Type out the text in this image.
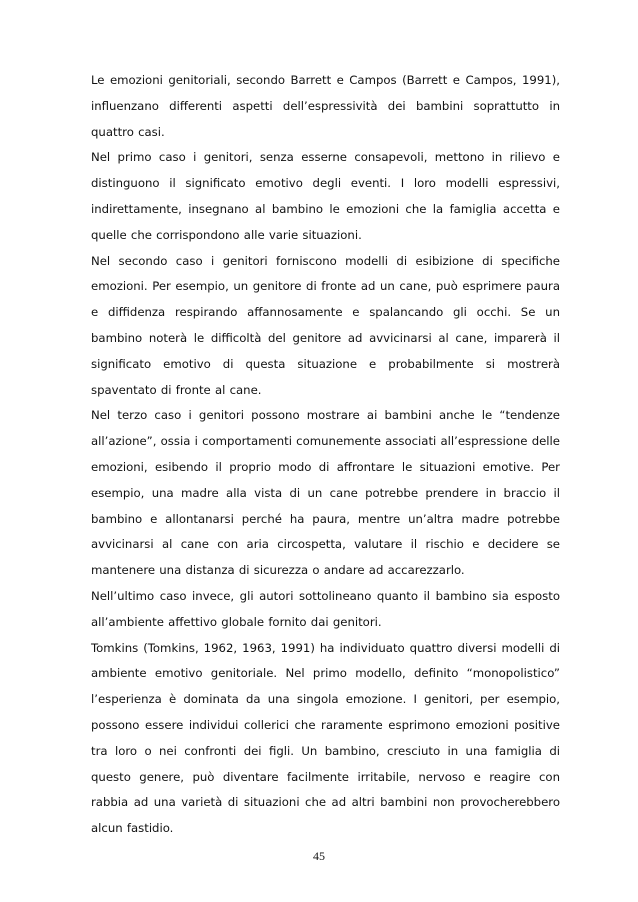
Le emozioni genitoriali, secondo Barrett e Campos (Barrett e Campos, 1991), influenzano differenti aspetti dell’espressività dei bambini soprattutto in quattro casi.

Nel primo caso i genitori, senza esserne consapevoli, mettono in rilievo e distinguono il significato emotivo degli eventi. I loro modelli espressivi, indirettamente, insegnano al bambino le emozioni che la famiglia accetta e quelle che corrispondono alle varie situazioni.

Nel secondo caso i genitori forniscono modelli di esibizione di specifiche emozioni. Per esempio, un genitore di fronte ad un cane, può esprimere paura e diffidenza respirando affannosamente e spalancando gli occhi. Se un bambino noterà le difficoltà del genitore ad avvicinarsi al cane, imparerà il significato emotivo di questa situazione e probabilmente si mostrerà spaventato di fronte al cane.

Nel terzo caso i genitori possono mostrare ai bambini anche le “tendenze all’azione”, ossia i comportamenti comunemente associati all’espressione delle emozioni, esibendo il proprio modo di affrontare le situazioni emotive. Per esempio, una madre alla vista di un cane potrebbe prendere in braccio il bambino e allontanarsi perché ha paura, mentre un’altra madre potrebbe avvicinarsi al cane con aria circospetta, valutare il rischio e decidere se mantenere una distanza di sicurezza o andare ad accarezzarlo.

Nell’ultimo caso invece, gli autori sottolineano quanto il bambino sia esposto all’ambiente affettivo globale fornito dai genitori.

Tomkins (Tomkins, 1962, 1963, 1991) ha individuato quattro diversi modelli di ambiente emotivo genitoriale. Nel primo modello, definito “monopolistico” l’esperienza è dominata da una singola emozione. I genitori, per esempio, possono essere individui collerici che raramente esprimono emozioni positive tra loro o nei confronti dei figli. Un bambino, cresciuto in una famiglia di questo genere, può diventare facilmente irritabile, nervoso e reagire con rabbia ad una varietà di situazioni che ad altri bambini non provocherebbero alcun fastidio.

45
